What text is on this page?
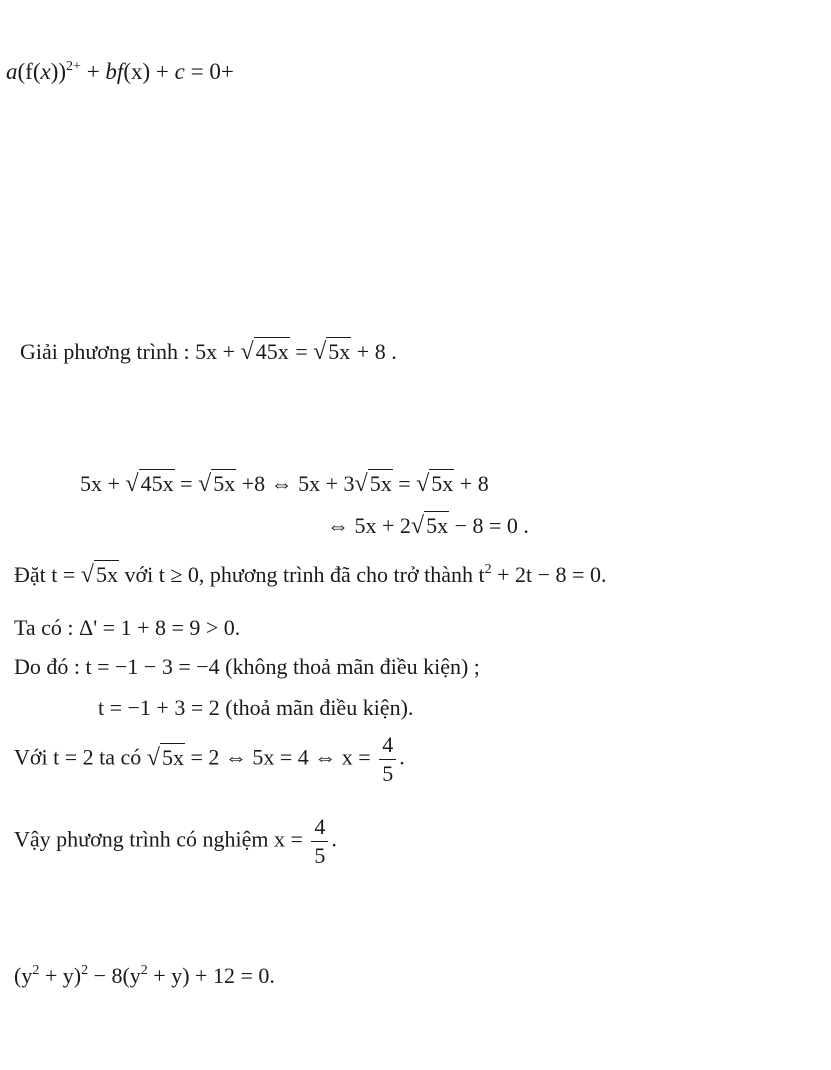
$a(f(x))^{2+} + bf(x) + c = 0+$
Giải phương trình : 5x + √45x = √5x + 8 .
5x + √45x = √5x +8 ⇔ 5x + 3√5x = √5x + 8
⇔ 5x + 2√5x − 8 = 0 .
Đặt t = √5x với t ≥ 0, phương trình đã cho trở thành $t^2 + 2t - 8 = 0$.
Ta có : Δ' = 1 + 8 = 9 > 0.
Do đó : t = −1 − 3 = −4 (không thoả mãn điều kiện) ;
t = −1 + 3 = 2 (thoả mãn điều kiện).
Với t = 2 ta có √5x = 2 ⇔ 5x = 4 ⇔ $x = \frac{4}{5}$ .
Vậy phương trình có nghiệm $x = \frac{4}{5}$ .
$(y^2 + y)^2 - 8(y^2 + y) + 12 = 0$.
